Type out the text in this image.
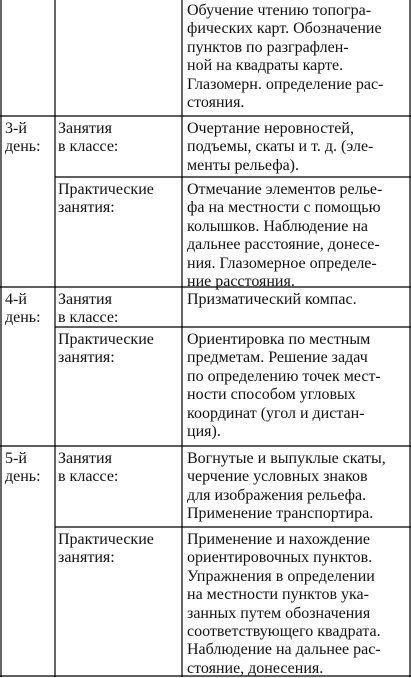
Обучение чтению топогра-
фических карт. Обозначение
пунктов по разграфлен-
ной на квадраты карте.
Глазомерн. определение рас-
стояния.
3-й
день:
Занятия
в классе:
Очертание неровностей,
подъемы, скаты и т. д. (эле-
менты рельефа).
Практические
занятия:
Отмечание элементов рельe-
фа на местности с помощью
колышков. Наблюдение на
дальнее расстояние, донесе-
ния. Глазомерное определе-
ние расстояния.
4-й
день:
Занятия
в классе:
Призматический компас.
Практические
занятия:
Ориентировка по местным
предметам. Решение задач
по определению точек мест-
ности способом угловых
координат (угол и дистан-
ция).
5-й
день:
Занятия
в классе:
Вогнутые и выпуклые скаты,
черчение условных знаков
для изображения рельефа.
Применение транспортира.
Практические
занятия:
Применение и нахождение
ориентировочных пунктов.
Упражнения в определении
на местности пунктов ука-
занных путем обозначения
соответствующего квадрата.
Наблюдение на дальнее рас-
стояние, донесения.
